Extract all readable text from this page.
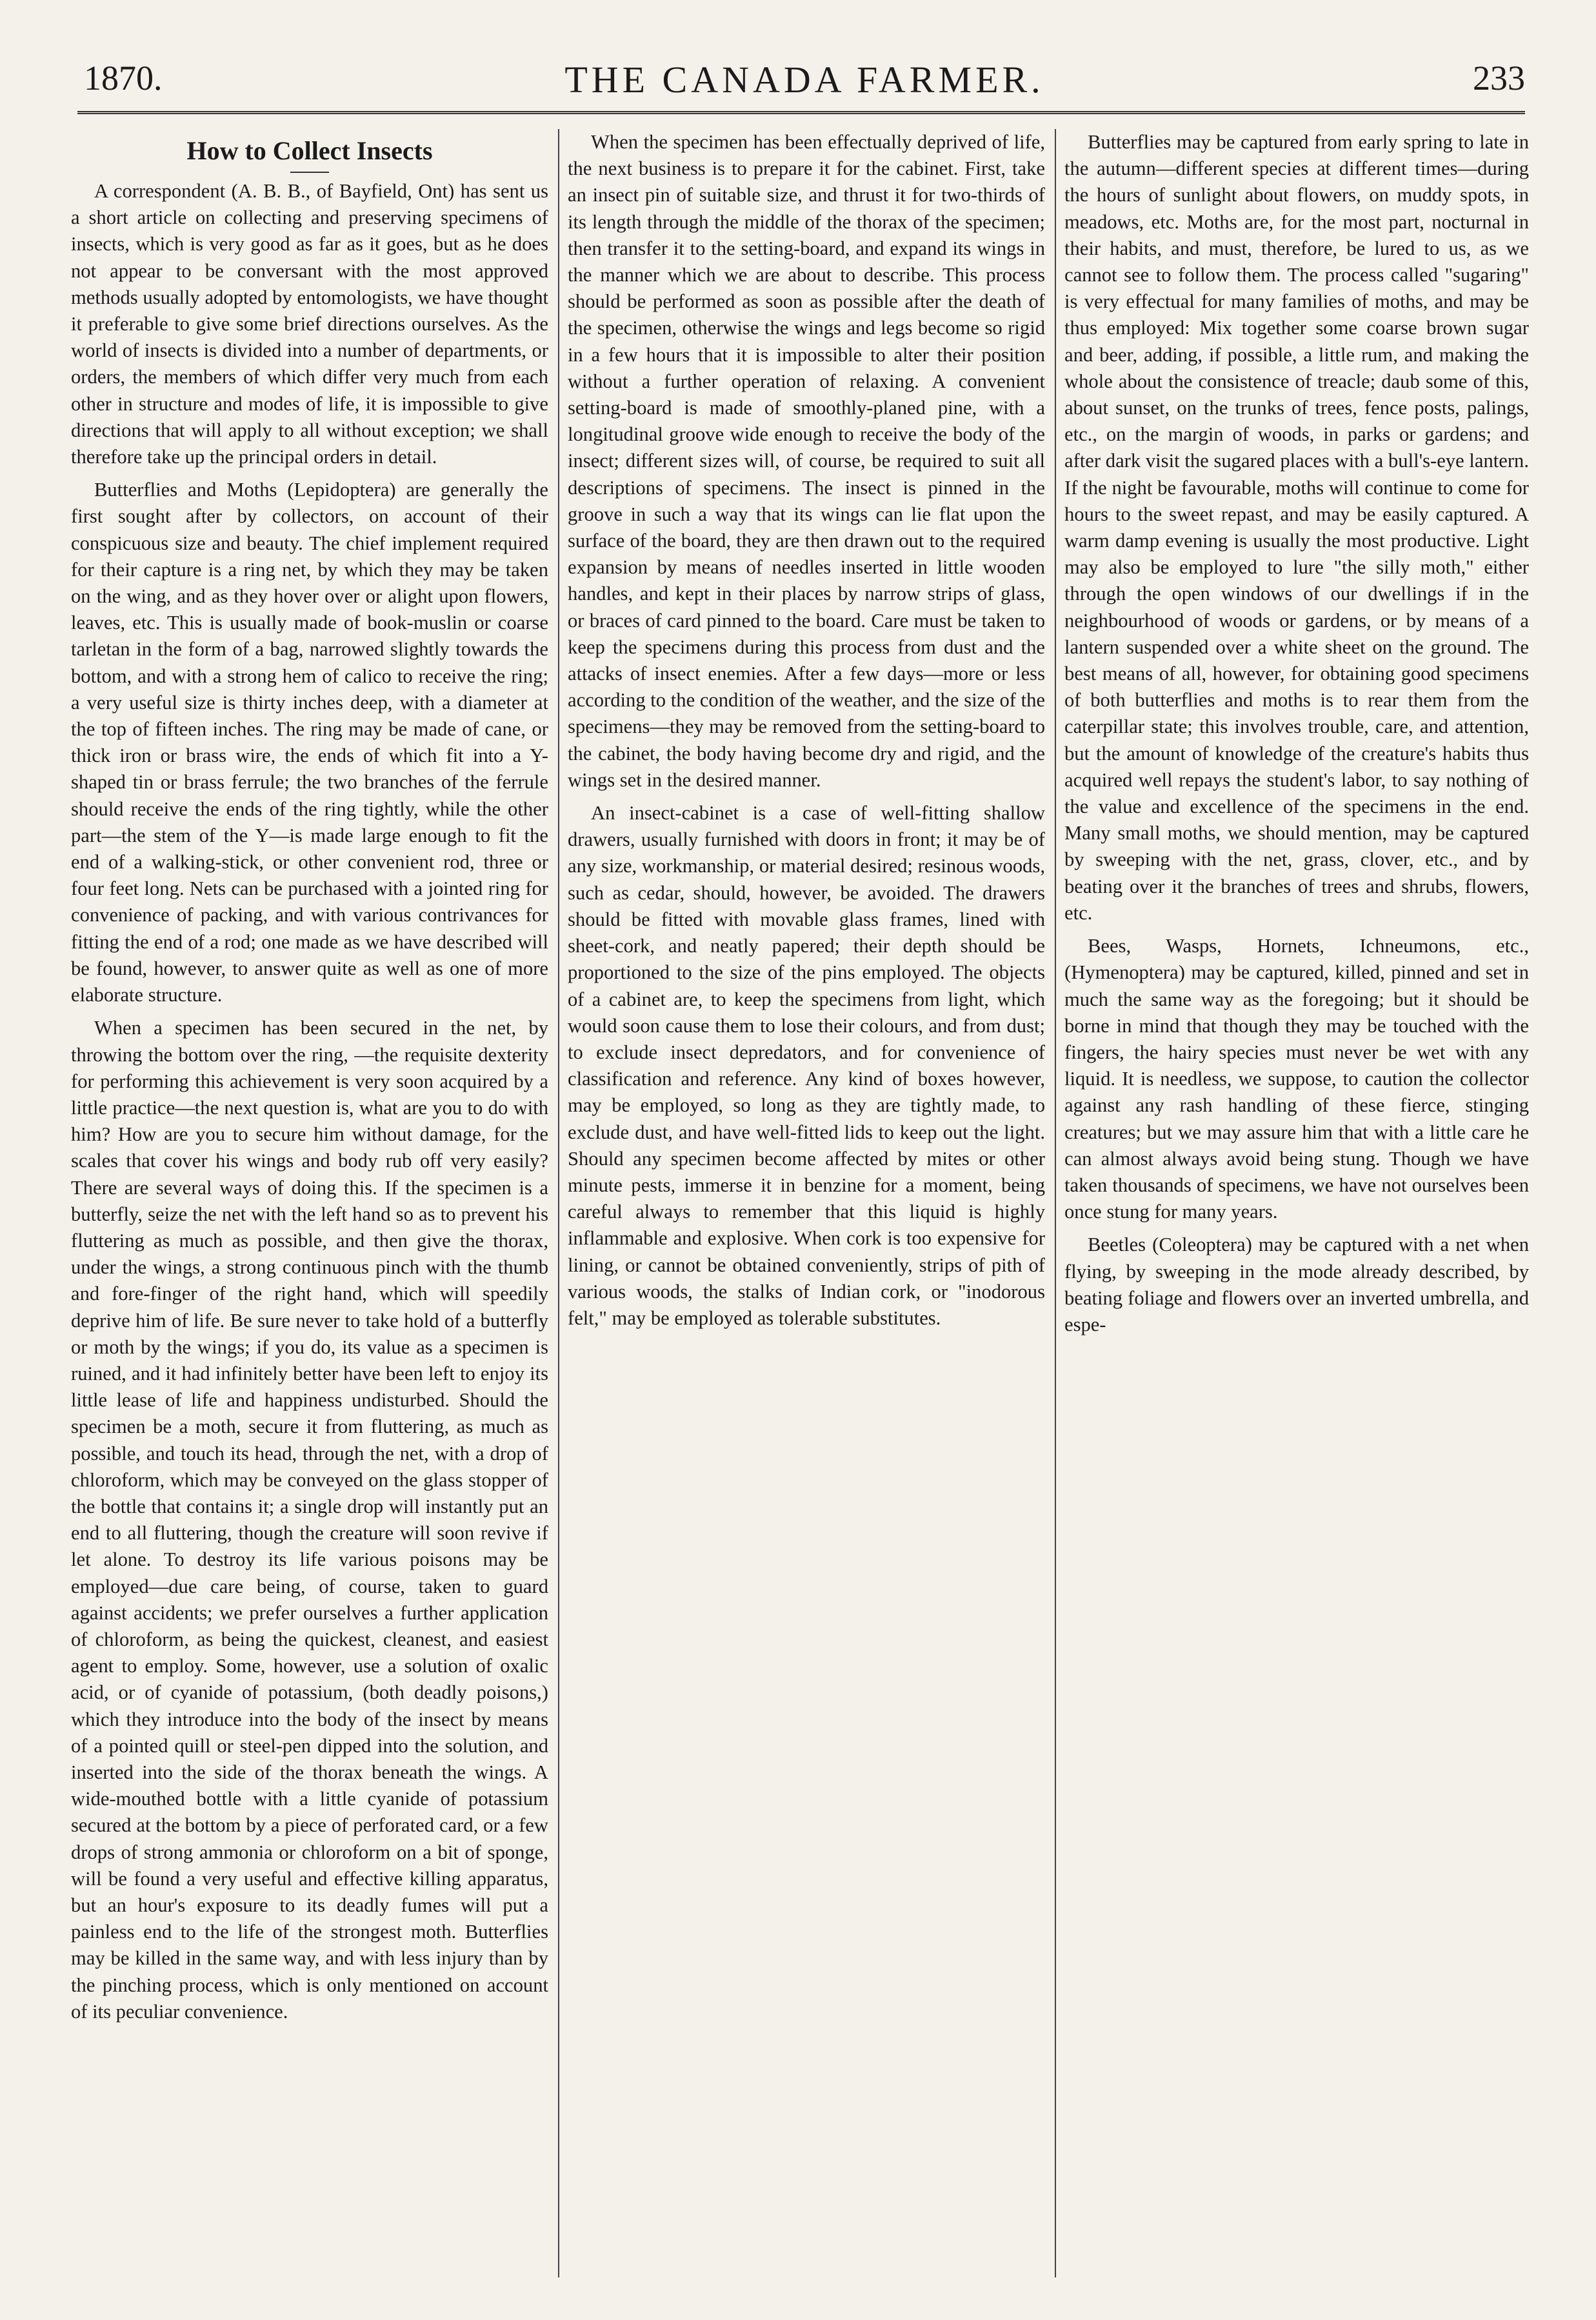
1870.	THE CANADA FARMER.	233
How to Collect Insects

A correspondent (A. B. B., of Bayfield, Ont) has sent us a short article on collecting and preserving specimens of insects, which is very good as far as it goes, but as he does not appear to be conversant with the most approved methods usually adopted by entomologists, we have thought it preferable to give some brief directions ourselves. As the world of insects is divided into a number of departments, or orders, the members of which differ very much from each other in structure and modes of life, it is impossible to give directions that will apply to all without exception; we shall therefore take up the principal orders in detail.

Butterflies and Moths (Lepidoptera) are generally the first sought after by collectors, on account of their conspicuous size and beauty. The chief implement required for their capture is a ring net, by which they may be taken on the wing, and as they hover over or alight upon flowers, leaves, etc. This is usually made of book-muslin or coarse tarletan in the form of a bag, narrowed slightly towards the bottom, and with a strong hem of calico to receive the ring; a very useful size is thirty inches deep, with a diameter at the top of fifteen inches. The ring may be made of cane, or thick iron or brass wire, the ends of which fit into a Y-shaped tin or brass ferrule; the two branches of the ferrule should receive the ends of the ring tightly, while the other part—the stem of the Y—is made large enough to fit the end of a walking-stick, or other convenient rod, three or four feet long. Nets can be purchased with a jointed ring for convenience of packing, and with various contrivances for fitting the end of a rod; one made as we have described will be found, however, to answer quite as well as one of more elaborate structure.

When a specimen has been secured in the net, by throwing the bottom over the ring, —the requisite dexterity for performing this achievement is very soon acquired by a little practice—the next question is, what are you to do with him? How are you to secure him without damage, for the scales that cover his wings and body rub off very easily? There are several ways of doing this. If the specimen is a butterfly, seize the net with the left hand so as to prevent his fluttering as much as possible, and then give the thorax, under the wings, a strong continuous pinch with the thumb and fore-finger of the right hand, which will speedily deprive him of life. Be sure never to take hold of a butterfly or moth by the wings; if you do, its value as a specimen is ruined, and it had infinitely better have been left to enjoy its little lease of life and happiness undisturbed. Should the specimen be a moth, secure it from fluttering, as much as possible, and touch its head, through the net, with a drop of chloroform, which may be conveyed on the glass stopper of the bottle that contains it; a single drop will instantly put an end to all fluttering, though the creature will soon revive if let alone. To destroy its life various poisons may be employed—due care being, of course, taken to guard against accidents; we prefer ourselves a further application of chloroform, as being the quickest, cleanest, and easiest agent to employ. Some, however, use a solution of oxalic acid, or of cyanide of potassium, (both deadly poisons,) which they introduce into the body of the insect by means of a pointed quill or steel-pen dipped into the solution, and inserted into the side of the thorax beneath the wings. A wide-mouthed bottle with a little cyanide of potassium secured at the bottom by a piece of perforated card, or a few drops of strong ammonia or chloroform on a bit of sponge, will be found a very useful and effective killing apparatus, but an hour's exposure to its deadly fumes will put a painless end to the life of the strongest moth. Butterflies may be killed in the same way, and with less injury than by the pinching process, which is only mentioned on account of its peculiar convenience.

When the specimen has been effectually deprived of life, the next business is to prepare it for the cabinet. First, take an insect pin of suitable size, and thrust it for two-thirds of its length through the middle of the thorax of the specimen; then transfer it to the setting-board, and expand its wings in the manner which we are about to describe. This process should be performed as soon as possible after the death of the specimen, otherwise the wings and legs become so rigid in a few hours that it is impossible to alter their position without a further operation of relaxing. A convenient setting-board is made of smoothly-planed pine, with a longitudinal groove wide enough to receive the body of the insect; different sizes will, of course, be required to suit all descriptions of specimens. The insect is pinned in the groove in such a way that its wings can lie flat upon the surface of the board, they are then drawn out to the required expansion by means of needles inserted in little wooden handles, and kept in their places by narrow strips of glass, or braces of card pinned to the board. Care must be taken to keep the specimens during this process from dust and the attacks of insect enemies. After a few days—more or less according to the condition of the weather, and the size of the specimens—they may be removed from the setting-board to the cabinet, the body having become dry and rigid, and the wings set in the desired manner.

An insect-cabinet is a case of well-fitting shallow drawers, usually furnished with doors in front; it may be of any size, workmanship, or material desired; resinous woods, such as cedar, should, however, be avoided. The drawers should be fitted with movable glass frames, lined with sheet-cork, and neatly papered; their depth should be proportioned to the size of the pins employed. The objects of a cabinet are, to keep the specimens from light, which would soon cause them to lose their colours, and from dust; to exclude insect depredators, and for convenience of classification and reference. Any kind of boxes however, may be employed, so long as they are tightly made, to exclude dust, and have well-fitted lids to keep out the light. Should any specimen become affected by mites or other minute pests, immerse it in benzine for a moment, being careful always to remember that this liquid is highly inflammable and explosive. When cork is too expensive for lining, or cannot be obtained conveniently, strips of pith of various woods, the stalks of Indian cork, or "inodorous felt," may be employed as tolerable substitutes.

Butterflies may be captured from early spring to late in the autumn—different species at different times—during the hours of sunlight about flowers, on muddy spots, in meadows, etc. Moths are, for the most part, nocturnal in their habits, and must, therefore, be lured to us, as we cannot see to follow them. The process called "sugaring" is very effectual for many families of moths, and may be thus employed: Mix together some coarse brown sugar and beer, adding, if possible, a little rum, and making the whole about the consistence of treacle; daub some of this, about sunset, on the trunks of trees, fence posts, palings, etc., on the margin of woods, in parks or gardens; and after dark visit the sugared places with a bull's-eye lantern. If the night be favourable, moths will continue to come for hours to the sweet repast, and may be easily captured. A warm damp evening is usually the most productive. Light may also be employed to lure "the silly moth," either through the open windows of our dwellings if in the neighbourhood of woods or gardens, or by means of a lantern suspended over a white sheet on the ground. The best means of all, however, for obtaining good specimens of both butterflies and moths is to rear them from the caterpillar state; this involves trouble, care, and attention, but the amount of knowledge of the creature's habits thus acquired well repays the student's labor, to say nothing of the value and excellence of the specimens in the end. Many small moths, we should mention, may be captured by sweeping with the net, grass, clover, etc., and by beating over it the branches of trees and shrubs, flowers, etc.

Bees, Wasps, Hornets, Ichneumons, etc., (Hymenoptera) may be captured, killed, pinned and set in much the same way as the foregoing; but it should be borne in mind that though they may be touched with the fingers, the hairy species must never be wet with any liquid. It is needless, we suppose, to caution the collector against any rash handling of these fierce, stinging creatures; but we may assure him that with a little care he can almost always avoid being stung. Though we have taken thousands of specimens, we have not ourselves been once stung for many years.

Beetles (Coleoptera) may be captured with a net when flying, by sweeping in the mode already described, by beating foliage and flowers over an inverted umbrella, and espe-
